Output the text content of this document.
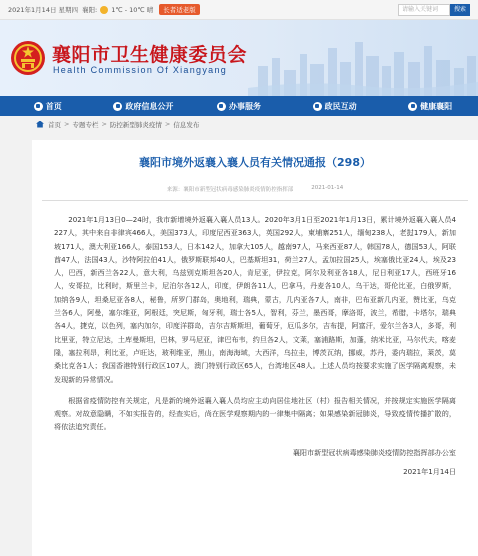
2021年1月14日 星期四 襄阳: 1℃ - 10℃ 晴	长者适老版	请输入关键词	搜索
襄阳市卫生健康委员会
Health Commission Of Xiangyang
首页	政府信息公开	办事服务	政民互动	健康襄阳
首页 > 专题专栏 > 防控新型肺炎疫情 > 信息发布
襄阳市境外返襄入襄人员有关情况通报（298）
来源：襄阳市新型冠状病毒感染肺炎疫情防控指挥部	2021-01-14

2021年1月13日0—24时，我市新增境外返襄入襄人员13人。2020年3月1日至2021年1月13日，累计境外返襄入襄人员4227人，其中来自非律宾466人，美国373人，印度尼西亚363人，英国292人，柬埔寨251人，缅甸238人，老挝179人，新加坡171人，澳大利亚166人，泰国153人，日本142人，加拿大105人，越南97人，马来西亚87人，韩国78人，德国53人，阿联酋47人，法国43人，沙特阿拉伯41人，俄罗斯联邦40人，巴基斯坦31，荷兰27人，孟加拉国25人，埃塞俄比亚24人，埃及23人，巴西，新西兰各22人，意大利，乌兹别克斯坦各20人，肯尼亚，伊拉克，阿尔及利亚各18人，尼日利亚17人，西班牙16人，安哥拉，比利时，斯里兰卡，尼泊尔各12人，印度，伊朗各11人，巴拿马，丹麦各10人，乌干达，哥伦比亚，白俄罗斯，加纳各9人，坦桑尼亚各8人，秘鲁，所罗门群岛，奥地利，瑞典，蒙古，几内亚各7人，南非，巴布亚新几内亚，赞比亚，乌克兰各6人，阿曼，塞尔维亚，阿根廷，突尼斯，匈牙利，瑞士各5人，智利，芬兰，墨西哥，摩洛哥，波兰，希腊，卡塔尔，瑞典各4人，捷克，以色列，塞内加尔，印度洋群岛，吉尔吉斯斯坦，葡萄牙，厄瓜多尔，吉布提，阿富汗，爱尔兰各3人，多哥，利比里亚，特立尼达，土库曼斯坦，巴林，罗马尼亚，津巴布韦，约旦各2人，文莱，塞浦路斯，加蓬，纳米比亚，马尔代夫，喀麦隆，塞拉利昂，利比亚，卢旺达，玻利维亚，黑山，南海海域，大西洋，乌拉圭，博茨瓦纳，挪威，苏丹，委内瑞拉，莱茨，莫桑比克各1人；我国香港特别行政区107人，澳门特别行政区65人，台湾地区48人。上述人员均按要求实施了医学隔离观察，未发现新的异常情况。

根据省疫情防控有关规定，凡是新的境外返襄入襄人员均应主动向居住地社区（村）报告相关情况，并按规定实施医学隔离观察。对故意隐瞒，不如实报告的，经查实后，尚在医学观察期内的一律集中隔离；如果感染新冠肺炎，导致疫情传播扩散的，将依法追究责任。

襄阳市新型冠状病毒感染肺炎疫情防控指挥部办公室
2021年1月14日
